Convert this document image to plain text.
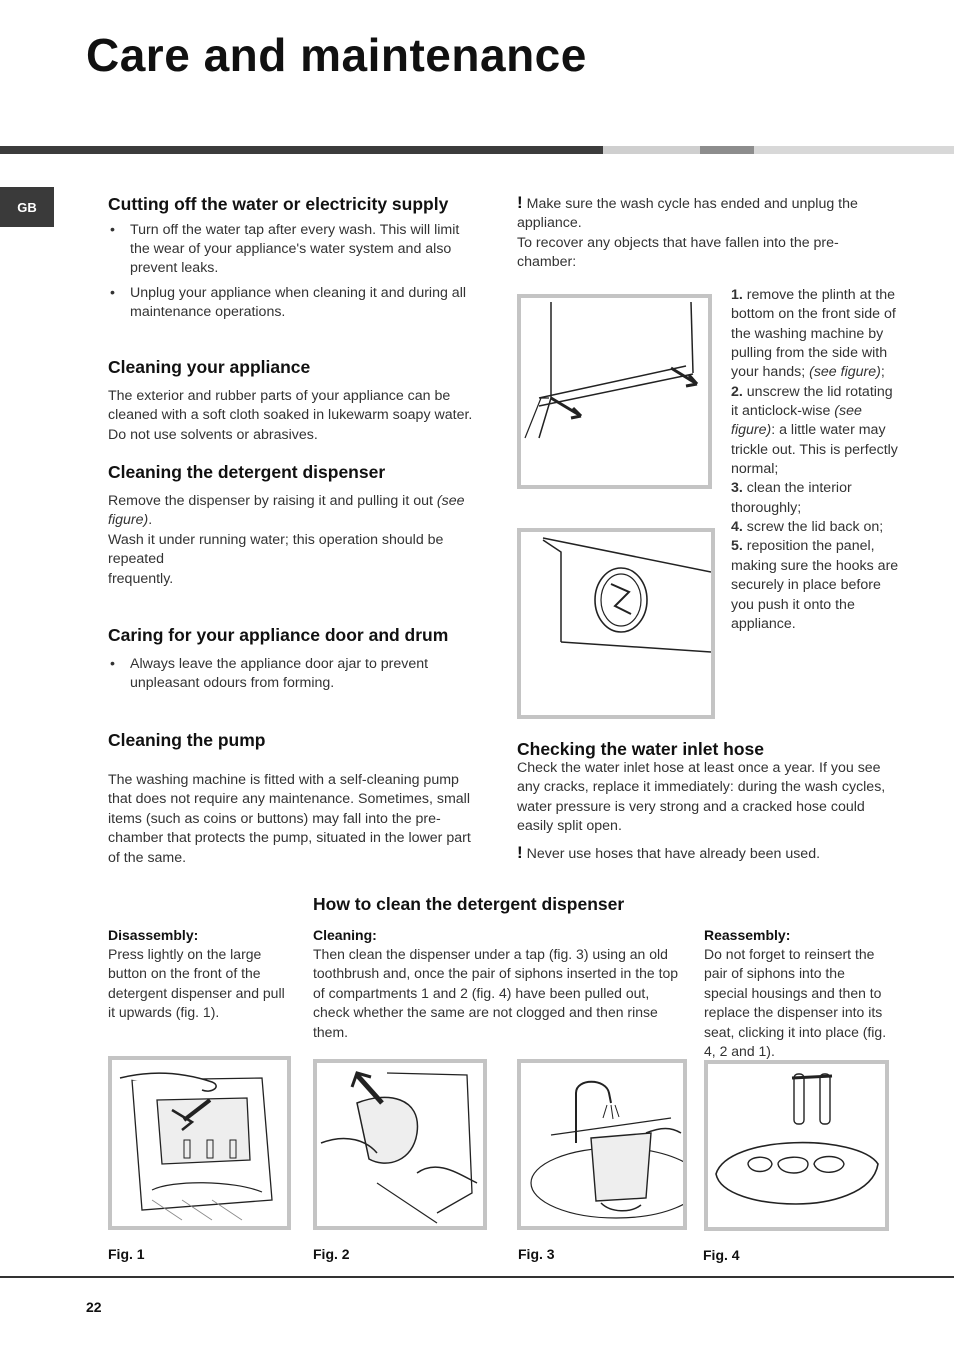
Care and maintenance
GB	Cutting off the water or electricity supply
• Turn off the water tap after every wash. This will limit the wear of your appliance's water system and also prevent leaks.
• Unplug your appliance when cleaning it and during all maintenance operations.
Cleaning your appliance

The exterior and rubber parts of your appliance can be cleaned with a soft cloth soaked in lukewarm soapy water. Do not use solvents or abrasives.

Cleaning the detergent dispenser

Remove the dispenser by raising it and pulling it out (see figure).

Wash it under running water; this operation should be repeated

frequently.

Caring for your appliance door and drum
• Always leave the appliance door ajar to prevent unpleasant odours from forming.
Cleaning the pump

The washing machine is fitted with a self-cleaning pump that does not require any maintenance. Sometimes, small items (such as coins or buttons) may fall into the pre-chamber that protects the pump, situated in the lower part of the same.

! Make sure the wash cycle has ended and unplug the appliance.

To recover any objects that have fallen into the pre-chamber:

1. remove the plinth at the bottom on the front side of the washing machine by pulling from the side with your hands; (see figure);

2. unscrew the lid rotating it anticlock-wise (see figure): a little water may trickle out. This is perfectly normal;

3. clean the interior thoroughly;

4. screw the lid back on;

5. reposition the panel, making sure the hooks are securely in place before you push it onto the appliance.

Checking the water inlet hose

Check the water inlet hose at least once a year. If you see any cracks, replace it immediately: during the wash cycles, water pressure is very strong and a cracked hose could easily split open.

! Never use hoses that have already been used.

How to clean the detergent dispenser
Disassembly:

Press lightly on the large button on the front of the detergent dispenser and pull it upwards (fig. 1).

Cleaning:

Then clean the dispenser under a tap (fig. 3) using an old toothbrush and, once the pair of siphons inserted in the top of compartments 1 and 2 (fig. 4) have been pulled out, check whether the same are not clogged and then rinse them.

Reassembly:

Do not forget to reinsert the pair of siphons into the special housings and then to replace the dispenser into its seat, clicking it into place (fig. 4, 2 and 1).

Fig. 1	Fig. 2	Fig. 3	Fig. 4
22
